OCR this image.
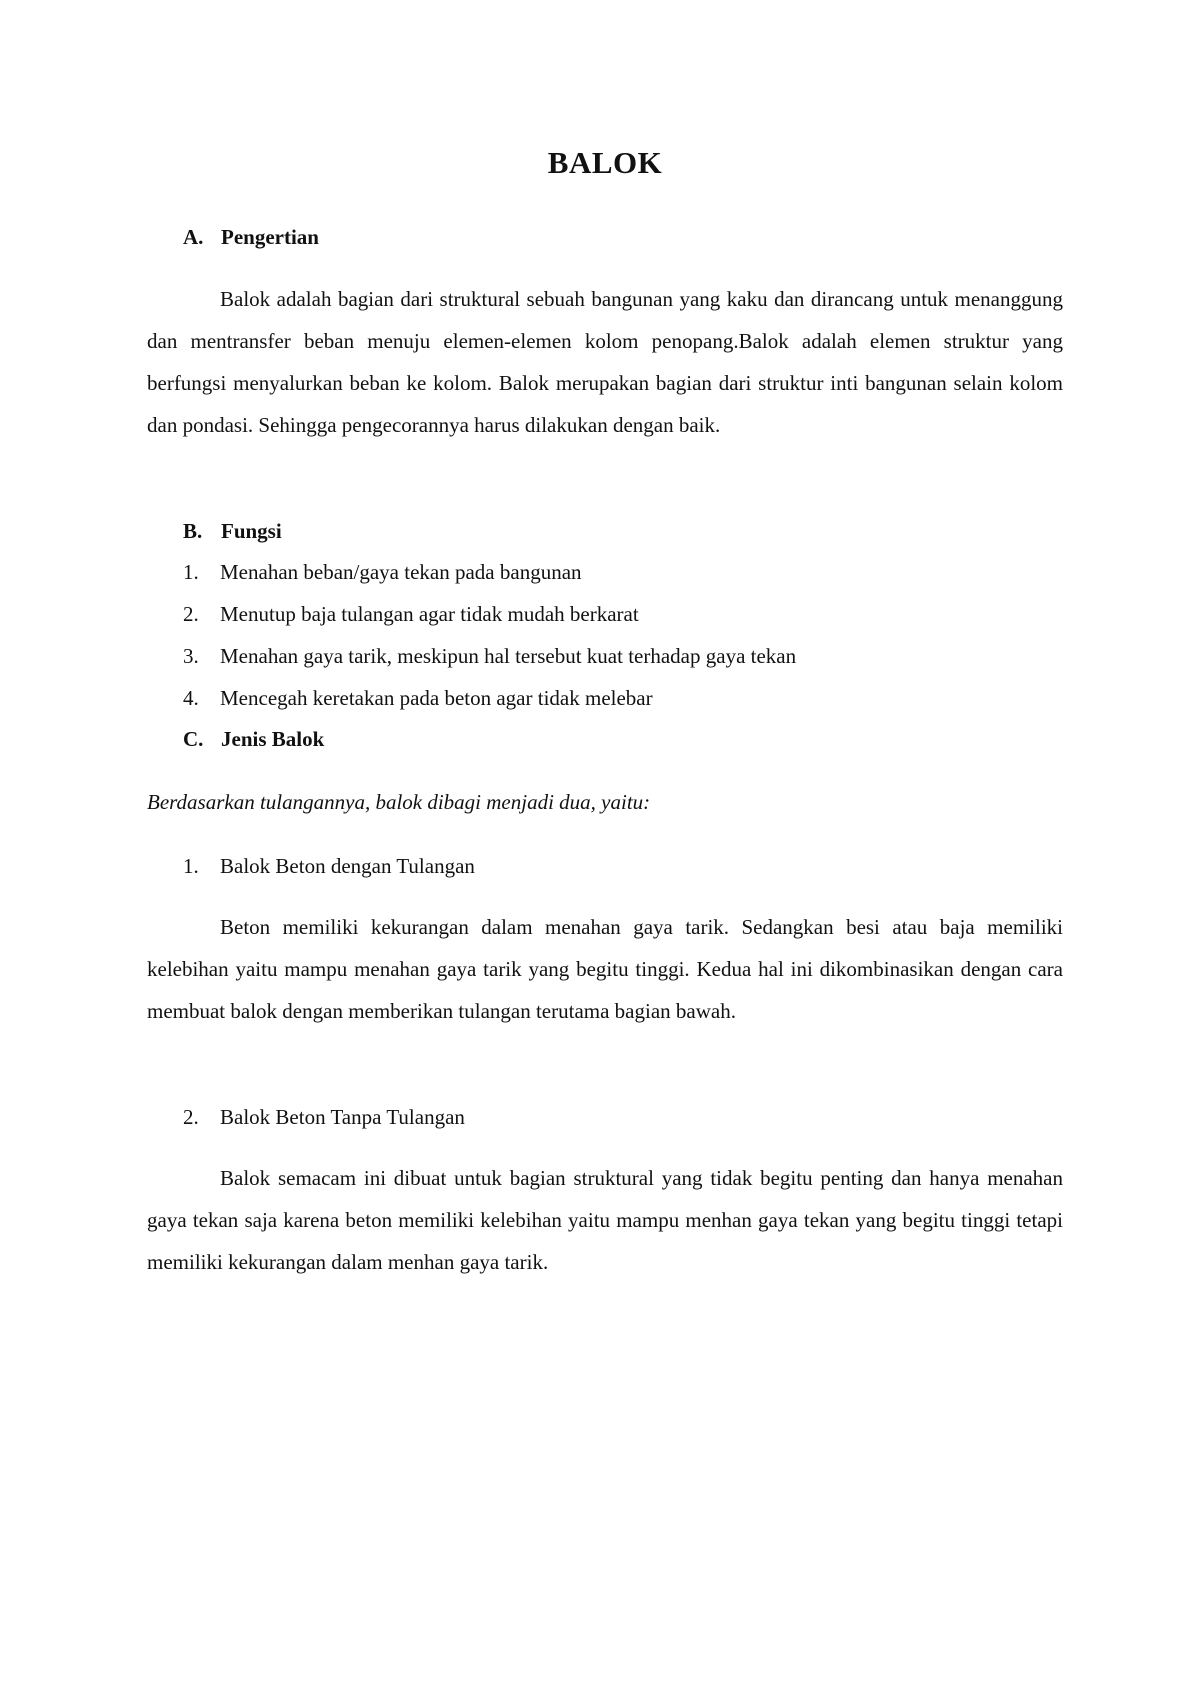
BALOK
A. Pengertian

Balok adalah bagian dari struktural sebuah bangunan yang kaku dan dirancang untuk menanggung dan mentransfer beban menuju elemen-elemen kolom penopang.Balok adalah elemen struktur yang berfungsi menyalurkan beban ke kolom. Balok merupakan bagian dari struktur inti bangunan selain kolom dan pondasi. Sehingga pengecorannya harus dilakukan dengan baik.

B. Fungsi
1. Menahan beban/gaya tekan pada bangunan
2. Menutup baja tulangan agar tidak mudah berkarat
3. Menahan gaya tarik, meskipun hal tersebut kuat terhadap gaya tekan
4. Mencegah keretakan pada beton agar tidak melebar
C. Jenis Balok

Berdasarkan tulangannya, balok dibagi menjadi dua, yaitu:

1. Balok Beton dengan Tulangan

Beton memiliki kekurangan dalam menahan gaya tarik. Sedangkan besi atau baja memiliki kelebihan yaitu mampu menahan gaya tarik yang begitu tinggi. Kedua hal ini dikombinasikan dengan cara membuat balok dengan memberikan tulangan terutama bagian bawah.

2. Balok Beton Tanpa Tulangan

Balok semacam ini dibuat untuk bagian struktural yang tidak begitu penting dan hanya menahan gaya tekan saja karena beton memiliki kelebihan yaitu mampu menhan gaya tekan yang begitu tinggi tetapi memiliki kekurangan dalam menhan gaya tarik.
